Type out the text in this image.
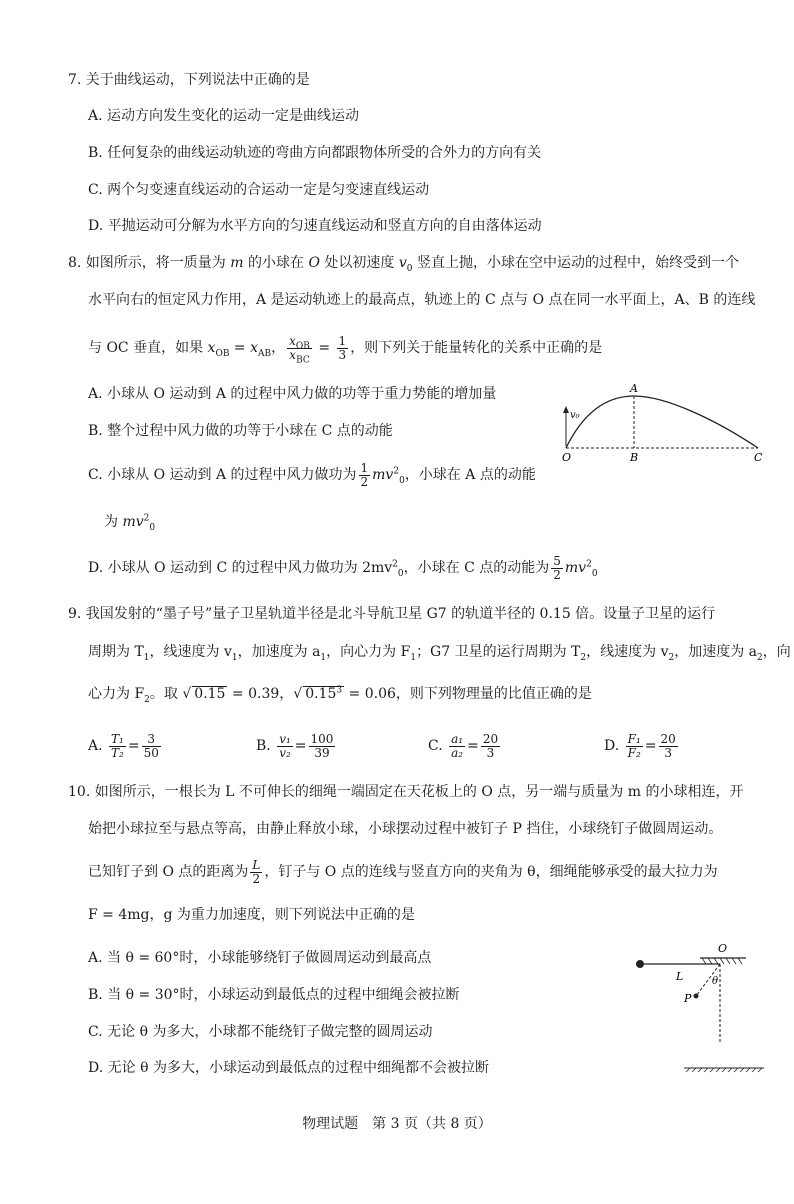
7. 关于曲线运动，下列说法中正确的是
A. 运动方向发生变化的运动一定是曲线运动
B. 任何复杂的曲线运动轨迹的弯曲方向都跟物体所受的合外力的方向有关
C. 两个匀变速直线运动的合运动一定是匀变速直线运动
D. 平抛运动可分解为水平方向的匀速直线运动和竖直方向的自由落体运动
8. 如图所示，将一质量为 m 的小球在 O 处以初速度 $v_0$ 竖直上抛，小球在空中运动的过程中，始终受到一个
水平向右的恒定风力作用，A 是运动轨迹上的最高点，轨迹上的 C 点与 O 点在同一水平面上，A、B 的连线
与 OC 垂直，如果 $x_{OB} = x_{AB}$， $\frac{x_{OB}}{x_{BC}} = \frac{1}{3}$ ，则下列关于能量转化的关系中正确的是
A. 小球从 O 运动到 A 的过程中风力做的功等于重力势能的增加量
B. 整个过程中风力做的功等于小球在 C 点的动能
C. 小球从 O 运动到 A 的过程中风力做功为 $\frac{1}{2} mv^2_0$，小球在 A 点的动能
为 $mv^2_0$
D. 小球从 O 运动到 C 的过程中风力做功为 $2mv^2_0$，小球在 C 点的动能为 $\frac{5}{2} mv^2_0$
v₀
A
O	B	C
9. 我国发射的“墨子号”量子卫星轨道半径是北斗导航卫星 G7 的轨道半径的 0.15 倍。设量子卫星的运行
周期为 $T_1$，线速度为 $v_1$，加速度为 $a_1$，向心力为 $F_1$；G7 卫星的运行周期为 $T_2$，线速度为 $v_2$，加速度为 $a_2$，向
心力为 $F_2$。取 √ 0.15 = 0.39，√ $0.15^3 = 0.06$，则下列物理量的比值正确的是
A. $\frac{\text{T₁}}{\text{T₂}} = \frac{3}{50}$	B. $\frac{\text{v₁}}{\text{v₂}} = \frac{100}{39}$	C. $\frac{\text{a₁}}{\text{a₂}} = \frac{20}{3}$	D. $\frac{\text{F₁}}{\text{F₂}} = \frac{20}{3}$
10. 如图所示，一根长为 L 不可伸长的细绳一端固定在天花板上的 O 点，另一端与质量为 m 的小球相连，开
始把小球拉至与悬点等高，由静止释放小球，小球摆动过程中被钉子 P 挡住，小球绕钉子做圆周运动。
已知钉子到 O 点的距离为 $\frac{L}{2}$ ，钉子与 O 点的连线与竖直方向的夹角为 θ，细绳能够承受的最大拉力为
F = 4mg，g 为重力加速度，则下列说法中正确的是
A. 当 θ = 60°时，小球能够绕钉子做圆周运动到最高点
B. 当 θ = 30°时，小球运动到最低点的过程中细绳会被拉断
C. 无论 θ 为多大，小球都不能绕钉子做完整的圆周运动
D. 无论 θ 为多大，小球运动到最低点的过程中细绳都不会被拉断
O
L
P
θ
物理试题　第 3 页（共 8 页）
